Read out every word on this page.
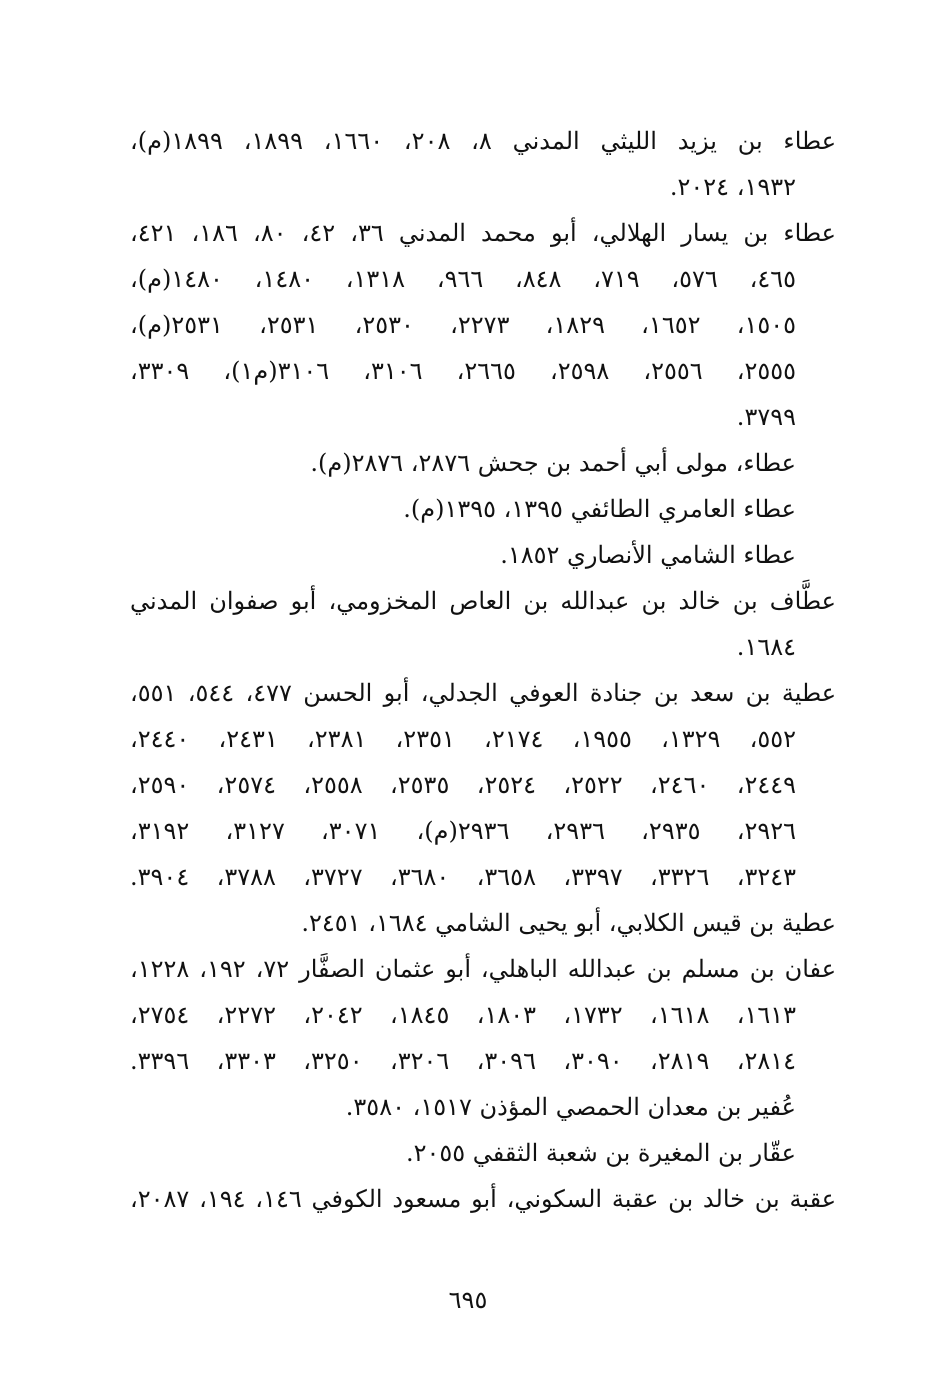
عطاء بن يزيد الليثي المدني ٨، ٢٠٨، ١٦٦٠، ١٨٩٩، ١٨٩٩(م)،
١٩٣٢، ٢٠٢٤.

عطاء بن يسار الهلالي، أبو محمد المدني ٣٦، ٤٢، ٨٠، ١٨٦، ٤٢١،
٤٦٥، ٥٧٦، ٧١٩، ٨٤٨، ٩٦٦، ١٣١٨، ١٤٨٠، ١٤٨٠(م)،
١٥٠٥، ١٦٥٢، ١٨٢٩، ٢٢٧٣، ٢٥٣٠، ٢٥٣١، ٢٥٣١(م)،
٢٥٥٥، ٢٥٥٦، ٢٥٩٨، ٢٦٦٥، ٣١٠٦، ٣١٠٦(م١)، ٣٣٠٩،
٣٧٩٩.

عطاء، مولى أبي أحمد بن جحش ٢٨٧٦، ٢٨٧٦(م).

عطاء العامري الطائفي ١٣٩٥، ١٣٩٥(م).

عطاء الشامي الأنصاري ١٨٥٢.

عطَّاف بن خالد بن عبدالله بن العاص المخزومي، أبو صفوان المدني
١٦٨٤.

عطية بن سعد بن جنادة العوفي الجدلي، أبو الحسن ٤٧٧، ٥٤٤، ٥٥١،
٥٥٢، ١٣٢٩، ١٩٥٥، ٢١٧٤، ٢٣٥١، ٢٣٨١، ٢٤٣١، ٢٤٤٠،
٢٤٤٩، ٢٤٦٠، ٢٥٢٢، ٢٥٢٤، ٢٥٣٥، ٢٥٥٨، ٢٥٧٤، ٢٥٩٠،
٢٩٢٦، ٢٩٣٥، ٢٩٣٦، ٢٩٣٦(م)، ٣٠٧١، ٣١٢٧، ٣١٩٢،
٣٢٤٣، ٣٣٢٦، ٣٣٩٧، ٣٦٥٨، ٣٦٨٠، ٣٧٢٧، ٣٧٨٨، ٣٩٠٤.

عطية بن قيس الكلابي، أبو يحيى الشامي ١٦٨٤، ٢٤٥١.

عفان بن مسلم بن عبدالله الباهلي، أبو عثمان الصفَّار ٧٢، ١٩٢، ١٢٢٨،
١٦١٣، ١٦١٨، ١٧٣٢، ١٨٠٣، ١٨٤٥، ٢٠٤٢، ٢٢٧٢، ٢٧٥٤،
٢٨١٤، ٢٨١٩، ٣٠٩٠، ٣٠٩٦، ٣٢٠٦، ٣٢٥٠، ٣٣٠٣، ٣٣٩٦.

عُفير بن معدان الحمصي المؤذن ١٥١٧، ٣٥٨٠.

عقّار بن المغيرة بن شعبة الثقفي ٢٠٥٥.

عقبة بن خالد بن عقبة السكوني، أبو مسعود الكوفي ١٤٦، ١٩٤، ٢٠٨٧،

٦٩٥
